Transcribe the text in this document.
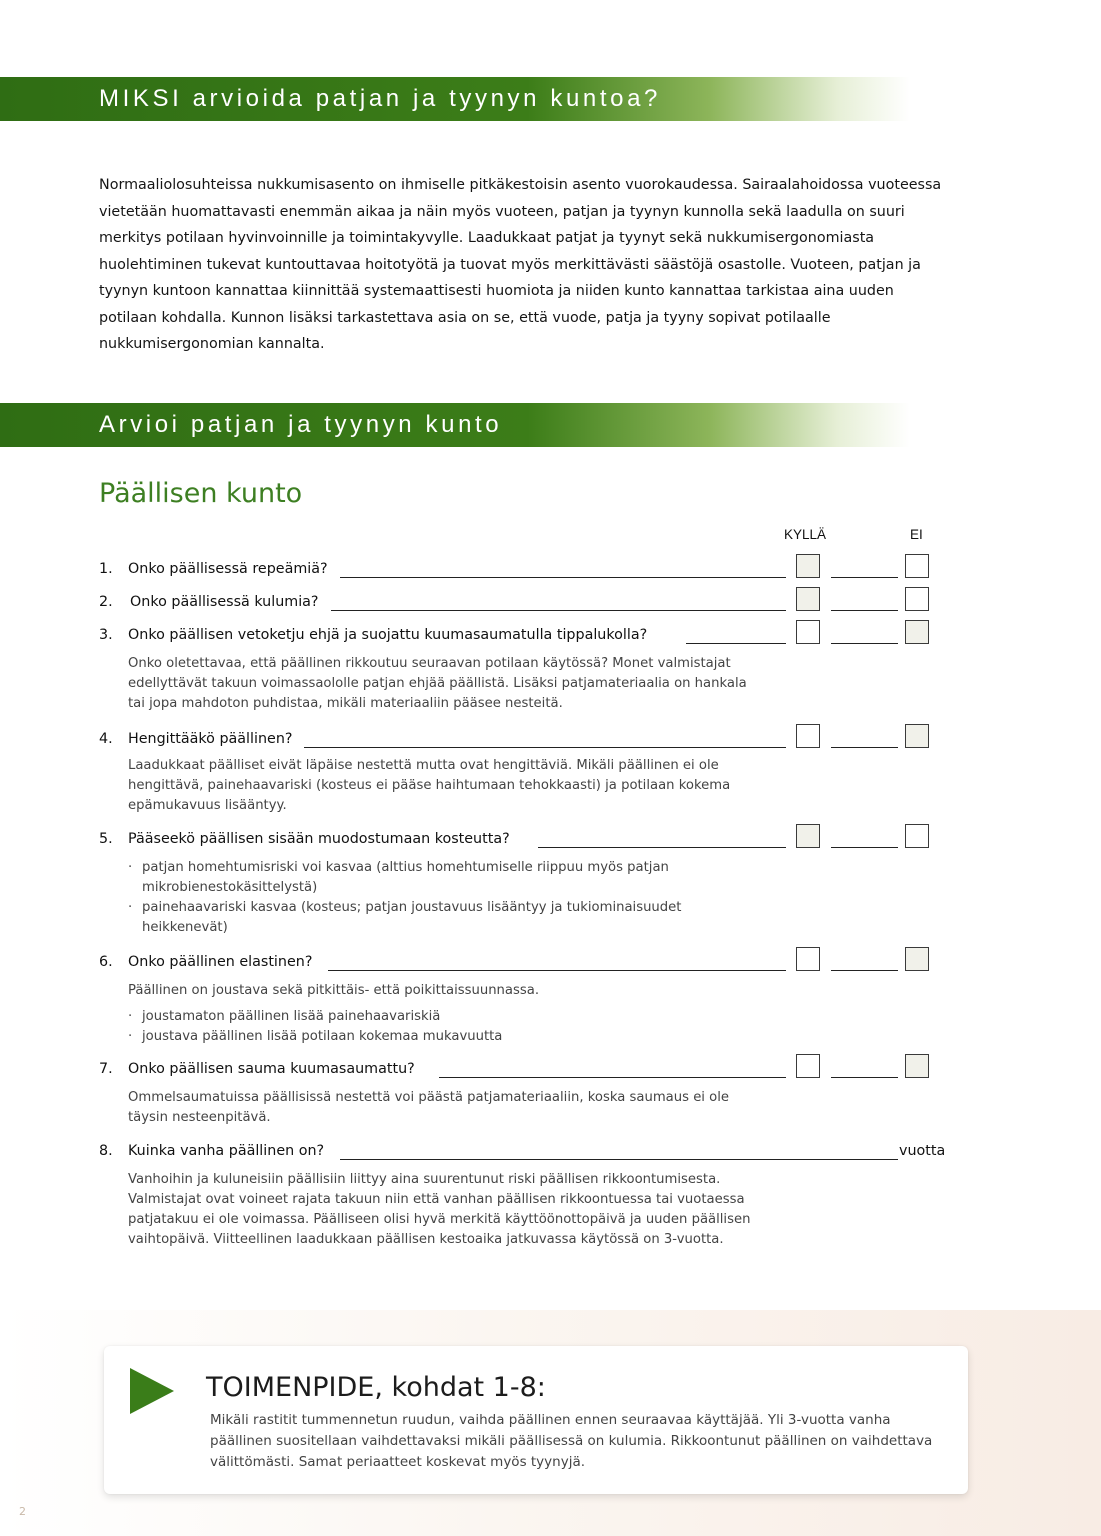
MIKSI arvioida patjan ja tyynyn kuntoa?

Normaaliolosuhteissa nukkumisasento on ihmiselle pitkäkestoisin asento vuorokaudessa. Sairaalahoidossa vuoteessa vietetään huomattavasti enemmän aikaa ja näin myös vuoteen, patjan ja tyynyn kunnolla sekä laadulla on suuri merkitys potilaan hyvinvoinnille ja toimintakyvylle. Laadukkaat patjat ja tyynyt sekä nukkumisergonomiasta huolehtiminen tukevat kuntouttavaa hoitotyötä ja tuovat myös merkittävästi säästöjä osastolle. Vuoteen, patjan ja tyynyn kuntoon kannattaa kiinnittää systemaattisesti huomiota ja niiden kunto kannattaa tarkistaa aina uuden potilaan kohdalla. Kunnon lisäksi tarkastettava asia on se, että vuode, patja ja tyyny sopivat potilaalle nukkumisergonomian kannalta.

Arvioi patjan ja tyynyn kunto
Päällisen kunto
KYLLÄ	EI
1. Onko päällisessä repeämiä?
2. Onko päällisessä kulumia?
3. Onko päällisen vetoketju ehjä ja suojattu kuumasaumatulla tippalukolla?

Onko oletettavaa, että päällinen rikkoutuu seuraavan potilaan käytössä? Monet valmistajat edellyttävät takuun voimassaololle patjan ehjää päällistä. Lisäksi patjamateriaalia on hankala tai jopa mahdoton puhdistaa, mikäli materiaaliin pääsee nesteitä.

4. Hengittääkö päällinen?

Laadukkaat päälliset eivät läpäise nestettä mutta ovat hengittäviä. Mikäli päällinen ei ole hengittävä, painehaavariski (kosteus ei pääse haihtumaan tehokkaasti) ja potilaan kokema epämukavuus lisääntyy.

5. Pääseekö päällisen sisään muodostumaan kosteutta?
· patjan homehtumisriski voi kasvaa (alttius homehtumiselle riippuu myös patjan mikrobienestokäsittelystä)
· painehaavariski kasvaa (kosteus; patjan joustavuus lisääntyy ja tukiominaisuudet heikkenevät)
6. Onko päällinen elastinen?

Päällinen on joustava sekä pitkittäis- että poikittaissuunnassa.

· joustamaton päällinen lisää painehaavariskiä
· joustava päällinen lisää potilaan kokemaa mukavuutta
7. Onko päällisen sauma kuumasaumattu?

Ommelsaumatuissa päällisissä nestettä voi päästä patjamateriaaliin, koska saumaus ei ole täysin nesteenpitävä.

8. Kuinka vanha päällinen on?	vuotta

Vanhoihin ja kuluneisiin päällisiin liittyy aina suurentunut riski päällisen rikkoontumisesta. Valmistajat ovat voineet rajata takuun niin että vanhan päällisen rikkoontuessa tai vuotaessa patjatakuu ei ole voimassa. Päälliseen olisi hyvä merkitä käyttöönottopäivä ja uuden päällisen vaihtopäivä. Viitteellinen laadukkaan päällisen kestoaika jatkuvassa käytössä on 3-vuotta.

TOIMENPIDE, kohdat 1-8:

Mikäli rastitit tummennetun ruudun, vaihda päällinen ennen seuraavaa käyttäjää. Yli 3-vuotta vanha päällinen suositellaan vaihdettavaksi mikäli päällisessä on kulumia. Rikkoontunut päällinen on vaihdettava välittömästi. Samat periaatteet koskevat myös tyynyjä.

2
